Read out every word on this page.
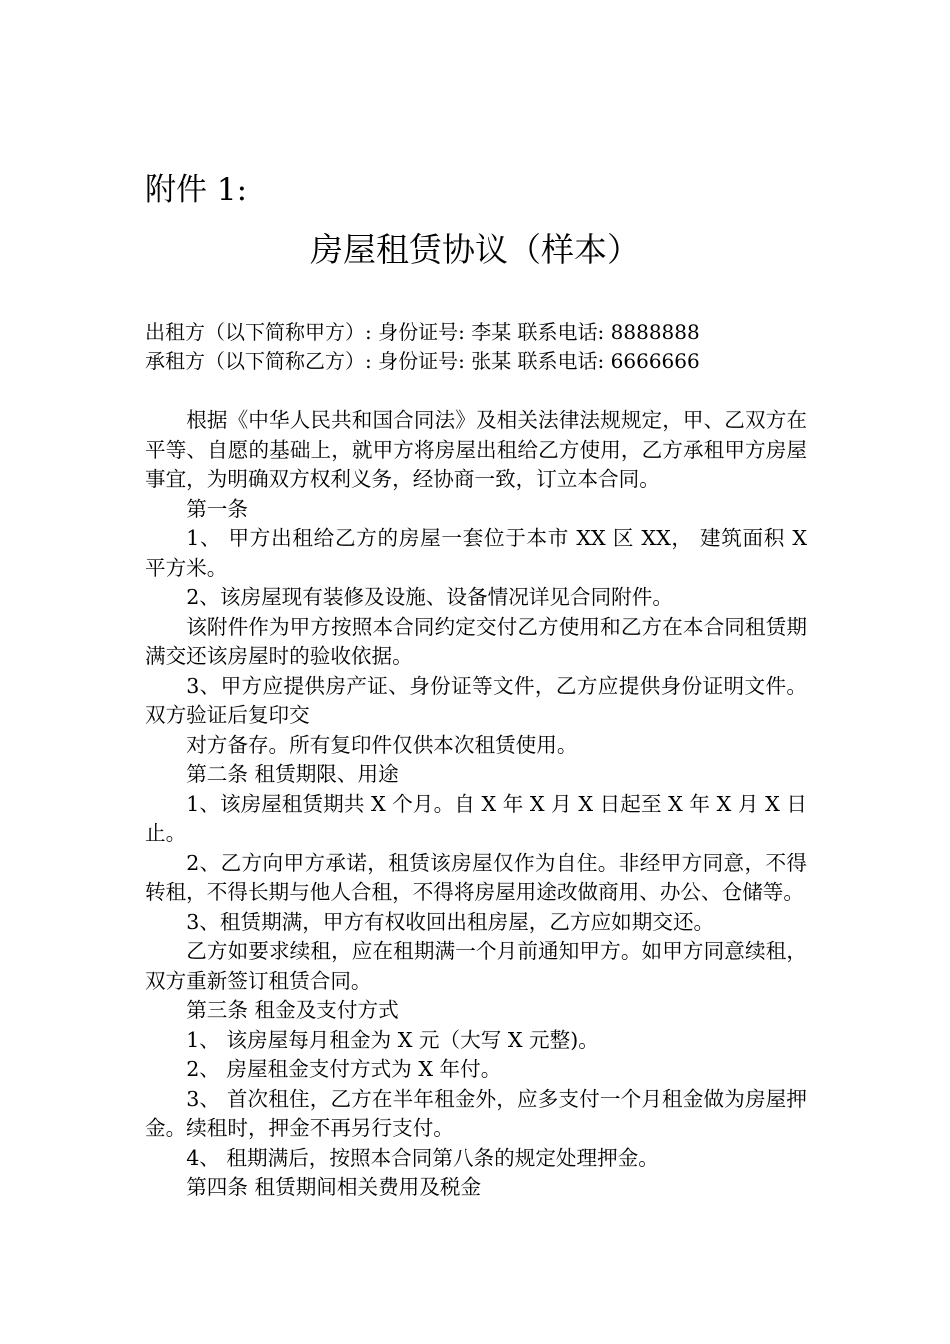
附件 1:
房屋租赁协议（样本）
出租方（以下简称甲方）: 身份证号: 李某 联系电话: 8888888
承租方（以下简称乙方）: 身份证号: 张某 联系电话: 6666666

根据《中华人民共和国合同法》及相关法律法规规定，甲、乙双方在平等、自愿的基础上，就甲方将房屋出租给乙方使用，乙方承租甲方房屋事宜，为明确双方权利义务，经协商一致，订立本合同。

第一条

1、 甲方出租给乙方的房屋一套位于本市 XX 区 XX， 建筑面积 X 平方米。

2、该房屋现有装修及设施、设备情况详见合同附件。

该附件作为甲方按照本合同约定交付乙方使用和乙方在本合同租赁期满交还该房屋时的验收依据。

3、甲方应提供房产证、身份证等文件，乙方应提供身份证明文件。双方验证后复印交

对方备存。所有复印件仅供本次租赁使用。

第二条 租赁期限、用途

1、该房屋租赁期共 X 个月。自 X 年 X 月 X 日起至 X 年 X 月 X 日止。

2、乙方向甲方承诺，租赁该房屋仅作为自住。非经甲方同意，不得转租，不得长期与他人合租，不得将房屋用途改做商用、办公、仓储等。

3、租赁期满，甲方有权收回出租房屋，乙方应如期交还。

乙方如要求续租，应在租期满一个月前通知甲方。如甲方同意续租，双方重新签订租赁合同。

第三条 租金及支付方式

1、 该房屋每月租金为 X 元（大写 X 元整)。

2、 房屋租金支付方式为 X 年付。

3、 首次租住，乙方在半年租金外，应多支付一个月租金做为房屋押金。续租时，押金不再另行支付。

4、 租期满后，按照本合同第八条的规定处理押金。

第四条 租赁期间相关费用及税金
